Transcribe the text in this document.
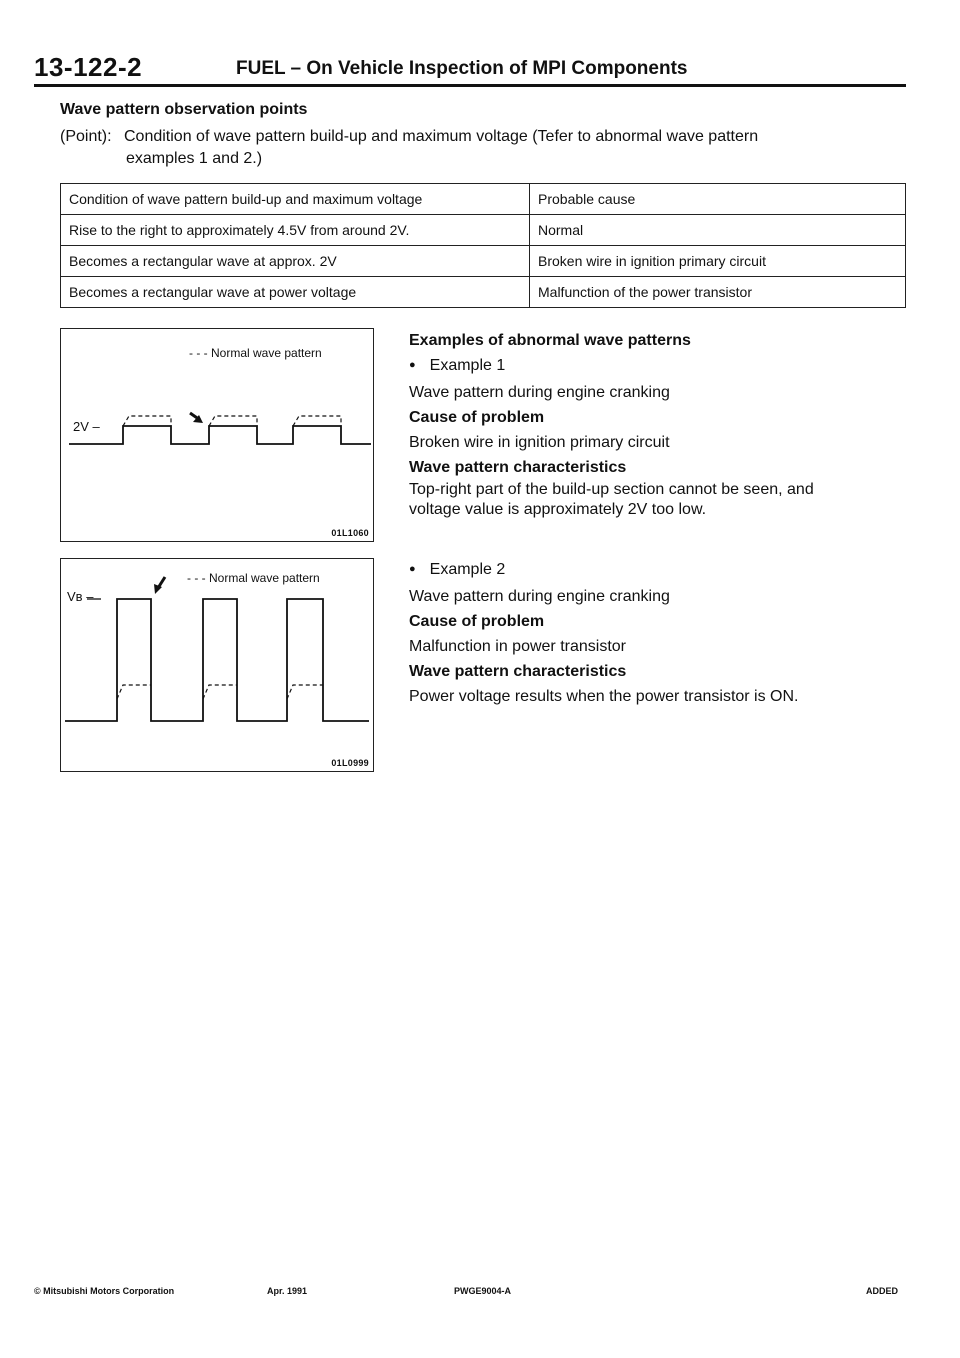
13-122-2	FUEL – On Vehicle Inspection of MPI Components
Wave pattern observation points
(Point): Condition of wave pattern build-up and maximum voltage (Tefer to abnormal wave pattern
examples 1 and 2.)
Condition of wave pattern build-up and maximum voltage	Probable cause
Rise to the right to approximately 4.5V from around 2V.	Normal
Becomes a rectangular wave at approx. 2V	Broken wire in ignition primary circuit
Becomes a rectangular wave at power voltage	Malfunction of the power transistor
- - - Normal wave pattern
2V –
01L1060
- - - Normal wave pattern
Vʙ –
01L0999
Examples of abnormal wave patterns
● Example 1
Wave pattern during engine cranking
Cause of problem
Broken wire in ignition primary circuit
Wave pattern characteristics
Top-right part of the build-up section cannot be seen, and
voltage value is approximately 2V too low.
● Example 2
Wave pattern during engine cranking
Cause of problem
Malfunction in power transistor
Wave pattern characteristics
Power voltage results when the power transistor is ON.
© Mitsubishi Motors Corporation	Apr. 1991	PWGE9004-A	ADDED
